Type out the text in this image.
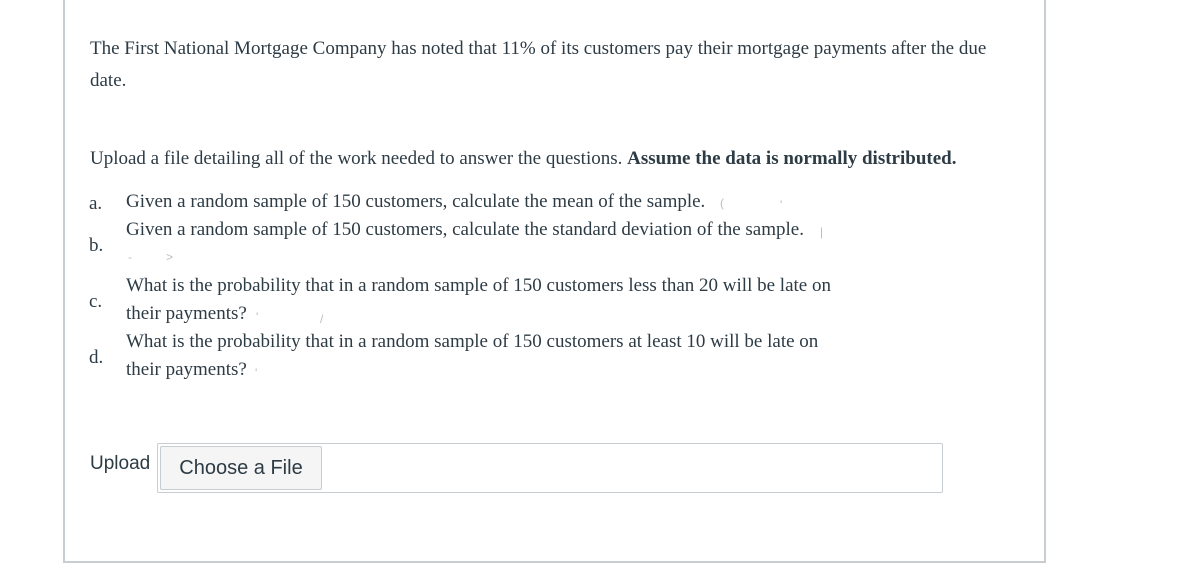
The First National Mortgage Company has noted that 11% of its customers pay their mortgage payments after the due
date.
Upload a file detailing all of the work needed to answer the questions. Assume the data is normally distributed.
a. Given a random sample of 150 customers, calculate the mean of the sample.
b.
Given a random sample of 150 customers, calculate the standard deviation of the sample.
c.
What is the probability that in a random sample of 150 customers less than 20 will be late on
their payments?
d.
What is the probability that in a random sample of 150 customers at least 10 will be late on
their payments?
(	'
|
-	>
'	/
'
Upload	Choose a File
